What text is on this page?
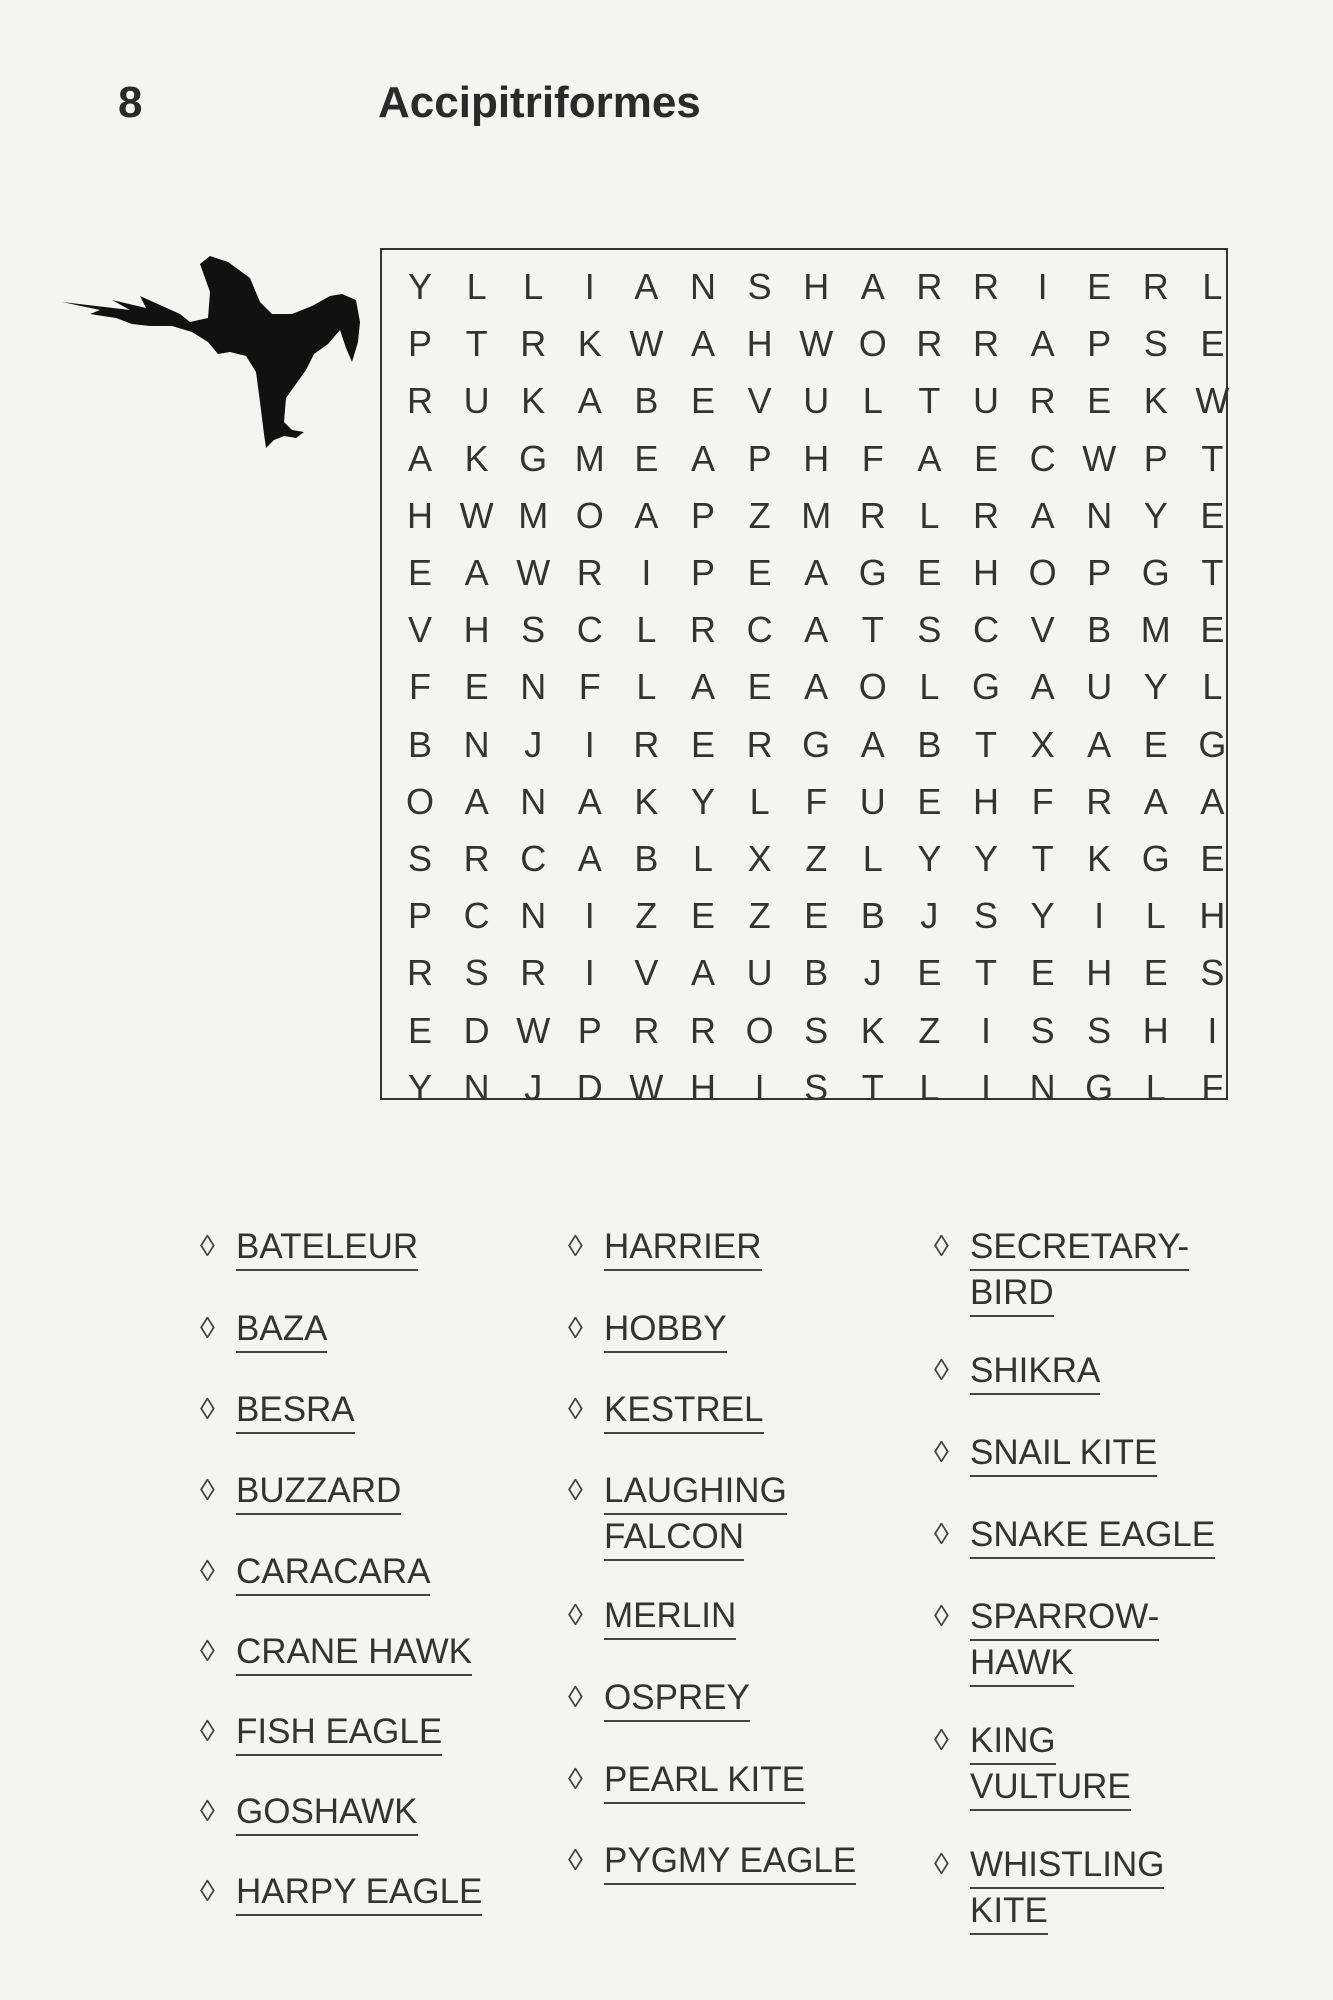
8	Accipitriformes
Y L	L	I	A N S H A R R	I	E R L
P T R K W A H W O R R A P S E
R U K A B E V U L T U R E K W
A K G M E A P H F A E C W P T
H W M O A P Z M R L R A N Y E
E A W R	I	P E A G E H O P G T
V H S C L R C A T S C V B M E
F E N F L A E A O L G A U Y L
B N J	I	R E R G A B T X A E G
O A N A K Y L F U E H F R A A
S R C A B L X Z L Y Y T K G E
P C N	I	Z E Z E B J S Y	I	L H
R S R	I	V A U B J E T E H E S
E D W P R R O S K Z	I	S S H	I
Y N J D W H	I	S T L	I	N G L F
◊ BATELEUR
◊ BAZA
◊ BESRA
◊ BUZZARD
◊ CARACARA
◊ CRANE HAWK
◊ FISH EAGLE
◊ GOSHAWK
◊ HARPY EAGLE
◊ HARRIER
◊ HOBBY
◊ KESTREL
◊ LAUGHING
FALCON
◊ MERLIN
◊ OSPREY
◊ PEARL KITE
◊ PYGMY EAGLE
◊ SECRETARY-
BIRD
◊ SHIKRA
◊ SNAIL KITE
◊ SNAKE EAGLE
◊ SPARROW-
HAWK
◊ KING
VULTURE
◊ WHISTLING
KITE
